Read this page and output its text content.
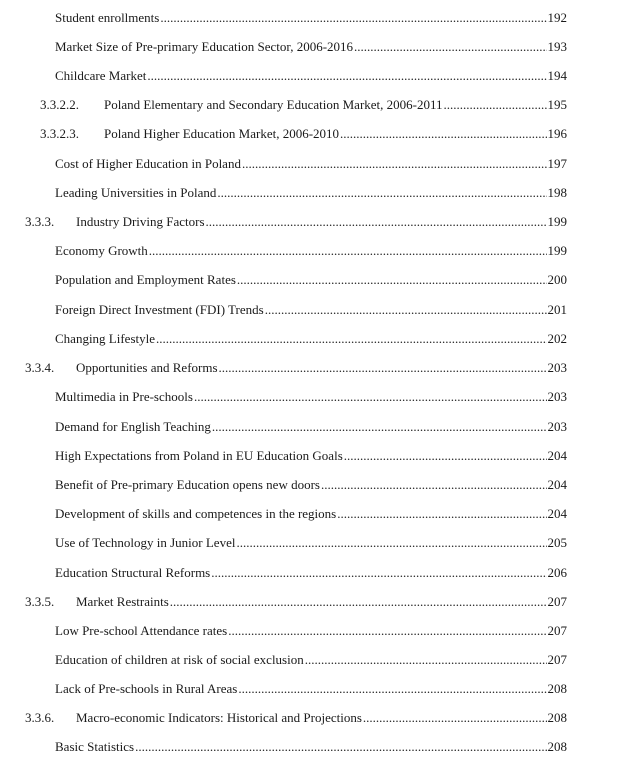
Student enrollments .....	192
Market Size of Pre-primary Education Sector, 2006-2016 .....	193
Childcare Market .....	194
3.3.2.2. Poland Elementary and Secondary Education Market, 2006-2011 .....	195
3.3.2.3. Poland Higher Education Market, 2006-2010 .....	196
Cost of Higher Education in Poland .....	197
Leading Universities in Poland .....	198
3.3.3. Industry Driving Factors .....	199
Economy Growth .....	199
Population and Employment Rates .....	200
Foreign Direct Investment (FDI) Trends .....	201
Changing Lifestyle .....	202
3.3.4. Opportunities and Reforms .....	203
Multimedia in Pre-schools .....	203
Demand for English Teaching .....	203
High Expectations from Poland in EU Education Goals .....	204
Benefit of Pre-primary Education opens new doors .....	204
Development of skills and competences in the regions .....	204
Use of Technology in Junior Level .....	205
Education Structural Reforms .....	206
3.3.5. Market Restraints .....	207
Low Pre-school Attendance rates .....	207
Education of children at risk of social exclusion .....	207
Lack of Pre-schools in Rural Areas .....	208
3.3.6. Macro-economic Indicators: Historical and Projections .....	208
Basic Statistics .....	208
